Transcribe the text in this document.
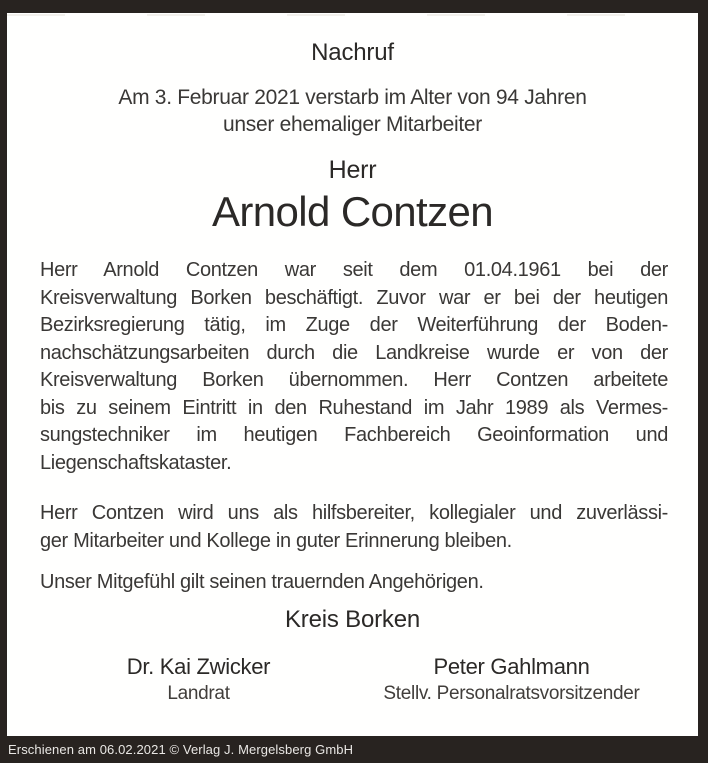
Nachruf
Am 3. Februar 2021 verstarb im Alter von 94 Jahren
unser ehemaliger Mitarbeiter
Herr
Arnold Contzen
Herr Arnold Contzen war seit dem 01.04.1961 bei der
Kreisverwaltung Borken beschäftigt. Zuvor war er bei der heutigen
Bezirksregierung tätig, im Zuge der Weiterführung der Boden-
nachschätzungsarbeiten durch die Landkreise wurde er von der
Kreisverwaltung Borken übernommen. Herr Contzen arbeitete
bis zu seinem Eintritt in den Ruhestand im Jahr 1989 als Vermes-
sungstechniker im heutigen Fachbereich Geoinformation und
Liegenschaftskataster.
Herr Contzen wird uns als hilfsbereiter, kollegialer und zuverlässi-
ger Mitarbeiter und Kollege in guter Erinnerung bleiben.
Unser Mitgefühl gilt seinen trauernden Angehörigen.
Kreis Borken
Dr. Kai Zwicker
Landrat
Peter Gahlmann
Stellv. Personalratsvorsitzender
Erschienen am 06.02.2021 © Verlag J. Mergelsberg GmbH
